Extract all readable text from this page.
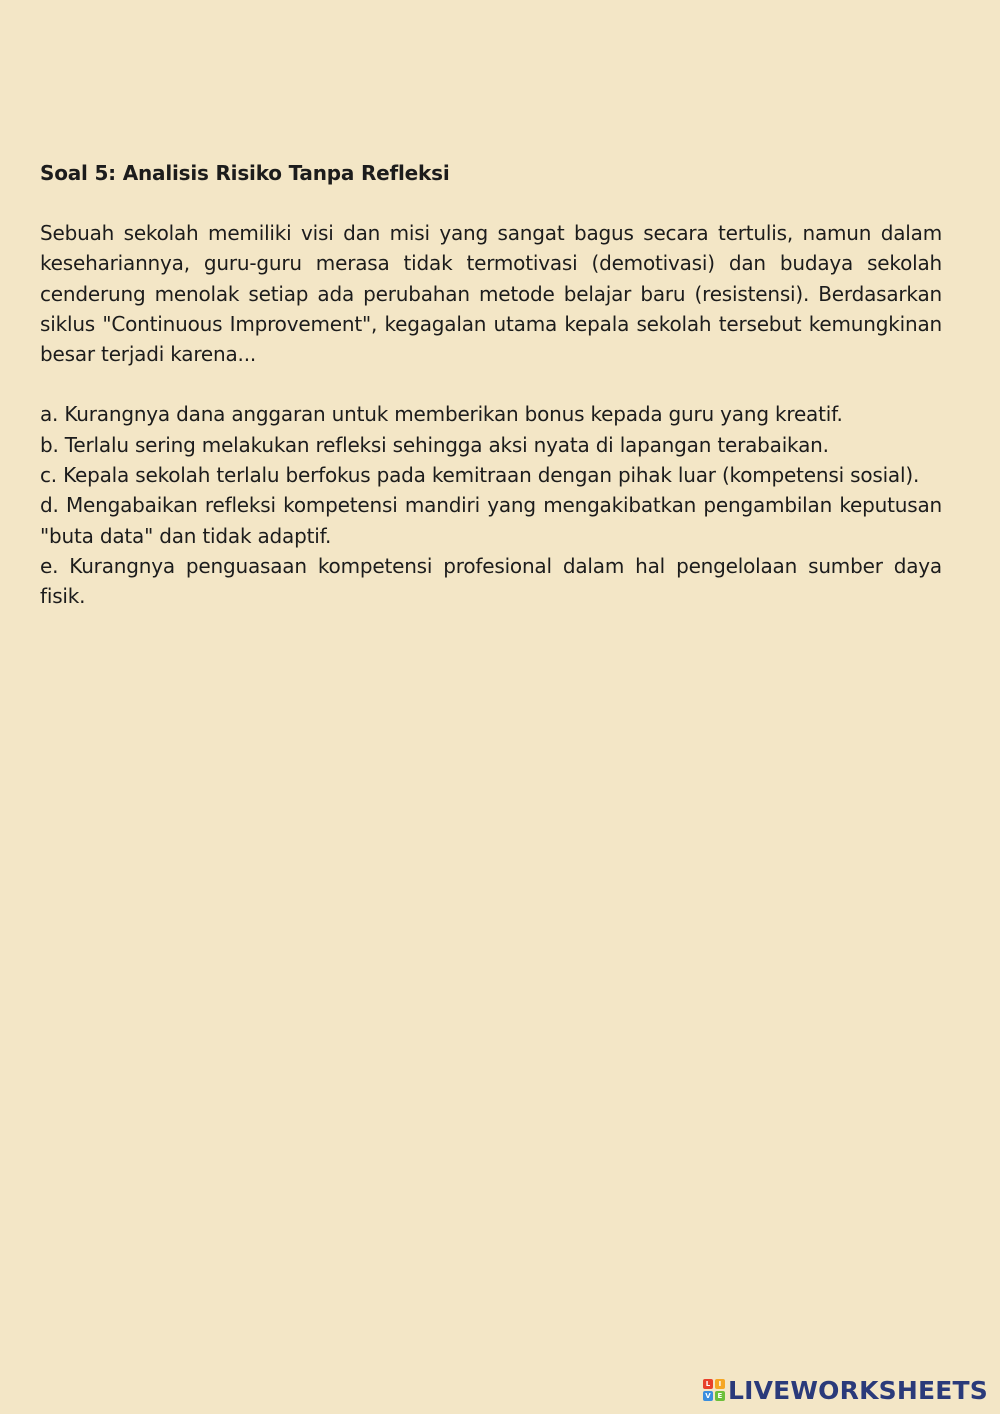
Soal 5: Analisis Risiko Tanpa Refleksi

Sebuah sekolah memiliki visi dan misi yang sangat bagus secara tertulis, namun dalam kesehariannya, guru-guru merasa tidak termotivasi (demotivasi) dan budaya sekolah cenderung menolak setiap ada perubahan metode belajar baru (resistensi). Berdasarkan siklus "Continuous Improvement", kegagalan utama kepala sekolah tersebut kemungkinan besar terjadi karena...

a. Kurangnya dana anggaran untuk memberikan bonus kepada guru yang kreatif.

b. Terlalu sering melakukan refleksi sehingga aksi nyata di lapangan terabaikan.

c. Kepala sekolah terlalu berfokus pada kemitraan dengan pihak luar (kompetensi sosial).

d. Mengabaikan refleksi kompetensi mandiri yang mengakibatkan pengambilan keputusan "buta data" dan tidak adaptif.

e. Kurangnya penguasaan kompetensi profesional dalam hal pengelolaan sumber daya fisik.

L	I
V E LIVEWORKSHEETS
